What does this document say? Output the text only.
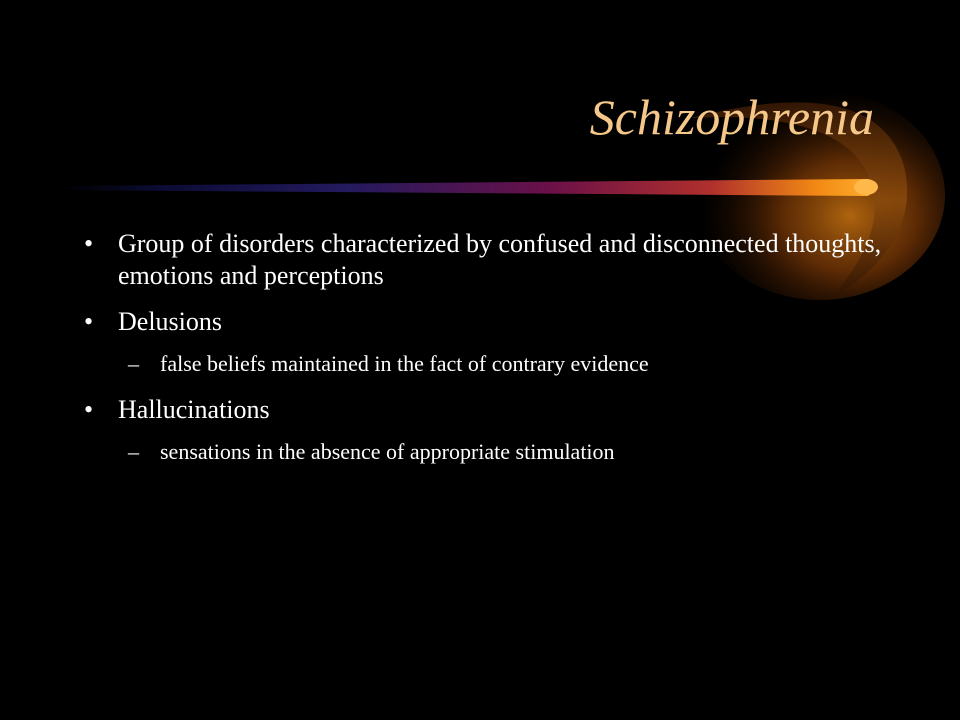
Schizophrenia
• Group of disorders characterized by confused and disconnected thoughts, emotions and perceptions
• Delusions
– false beliefs maintained in the fact of contrary evidence
• Hallucinations
– sensations in the absence of appropriate stimulation
